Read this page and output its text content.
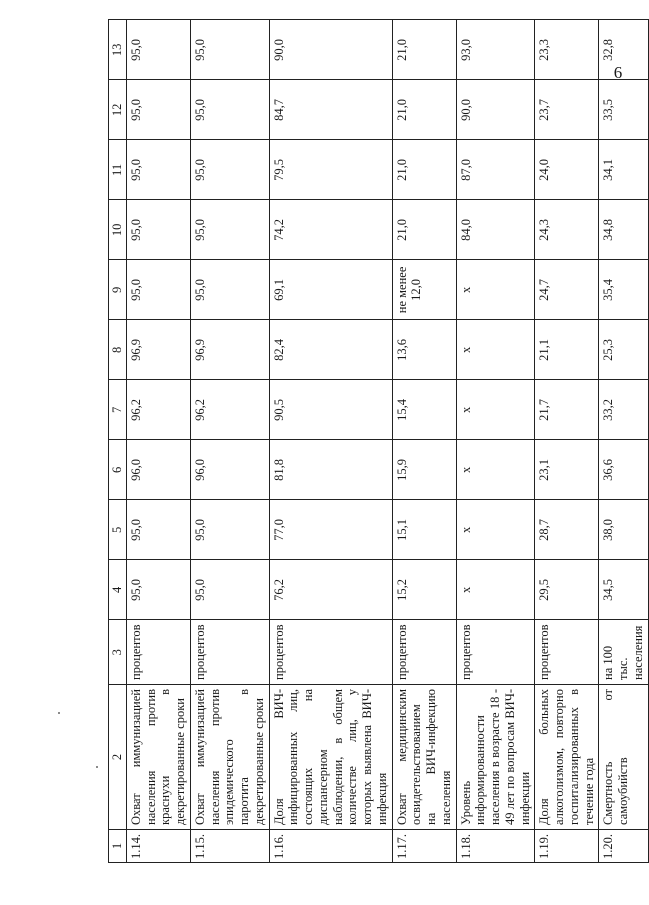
6
1	2	3	4	5	6	7	8	9	10	11	12	13
1.14.	Охват иммунизацией населения против краснухи в декретированные сроки	процентов	95,0	95,0	96,0	96,2	96,9	95,0	95,0	95,0	95,0	95,0
1.15.	Охват иммунизацией населения против эпидемического паротита в декретированные сроки	процентов	95,0	95,0	96,0	96,2	96,9	95,0	95,0	95,0	95,0	95,0
1.16.	Доля ВИЧ-инфицированных лиц, состоящих на диспансерном наблюдении, в общем количестве лиц, у которых выявлена ВИЧ-инфекция	процентов	76,2	77,0	81,8	90,5	82,4	69,1	74,2	79,5	84,7	90,0
1.17.	Охват медицинским освидетельствованием на ВИЧ-инфекцию населения	процентов	15,2	15,1	15,9	15,4	13,6	не менее 12,0	21,0	21,0	21,0	21,0
1.18.	Уровень информированности населения в возрасте 18 - 49 лет по вопросам ВИЧ-инфекции	процентов	х	х	х	х	х	х	84,0	87,0	90,0	93,0
1.19.	Доля больных алкоголизмом, повторно госпитализированных в течение года	процентов	29,5	28,7	23,1	21,7	21,1	24,7	24,3	24,0	23,7	23,3
1.20.	Смертность от самоубийств	на 100 тыс. населения	34,5	38,0	36,6	33,2	25,3	35,4	34,8	34,1	33,5	32,8
